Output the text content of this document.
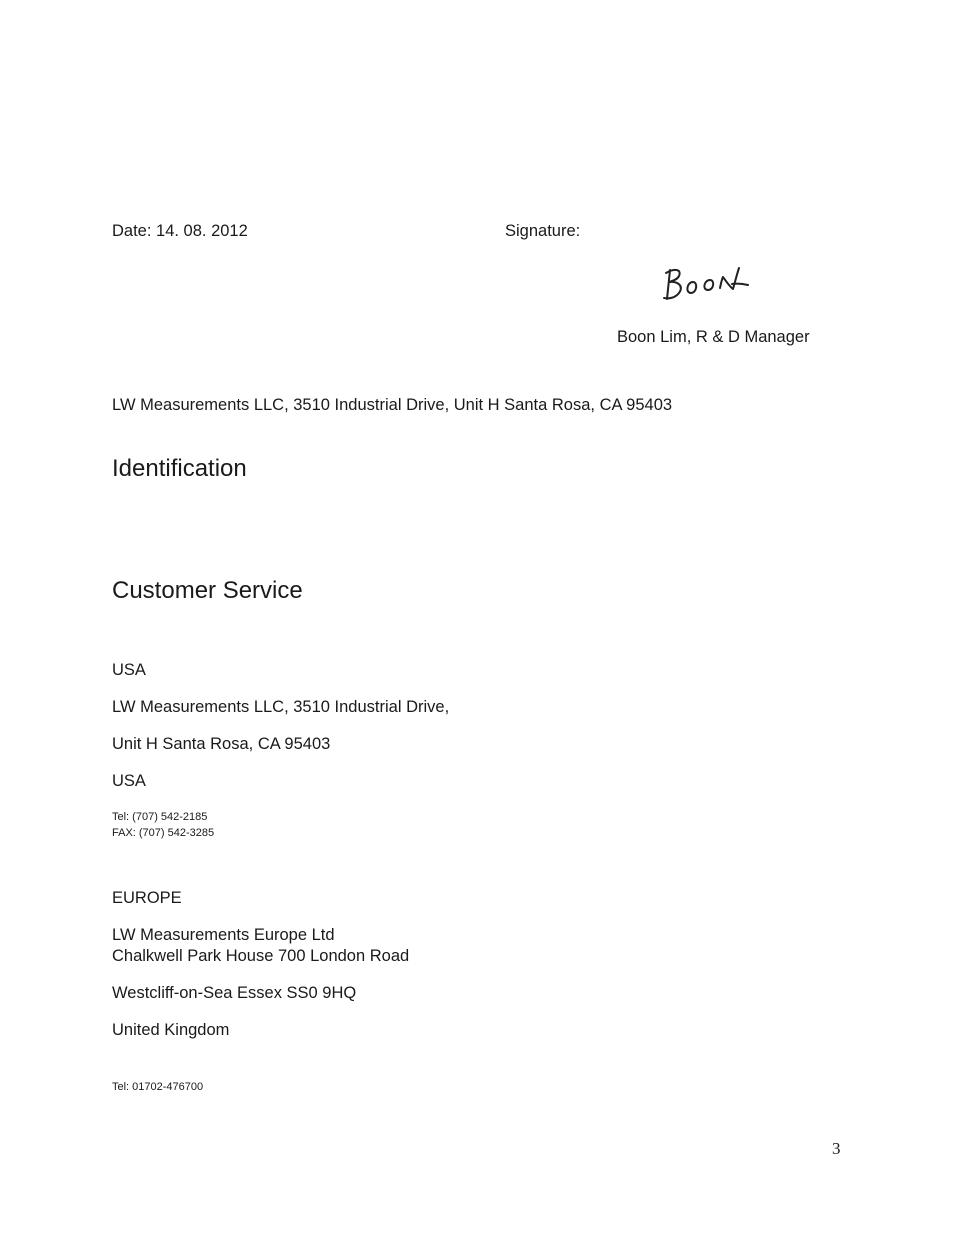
Date: 14. 08. 2012	Signature:
Boon Lim, R & D Manager
LW Measurements LLC, 3510 Industrial Drive, Unit H Santa Rosa, CA 95403
Identification
Customer Service
USA
LW Measurements LLC, 3510 Industrial Drive,
Unit H Santa Rosa, CA 95403
USA
Tel: (707) 542-2185
FAX: (707) 542-3285
EUROPE
LW Measurements Europe Ltd
Chalkwell Park House 700 London Road
Westcliff-on-Sea Essex SS0 9HQ
United Kingdom
Tel: 01702-476700
3
